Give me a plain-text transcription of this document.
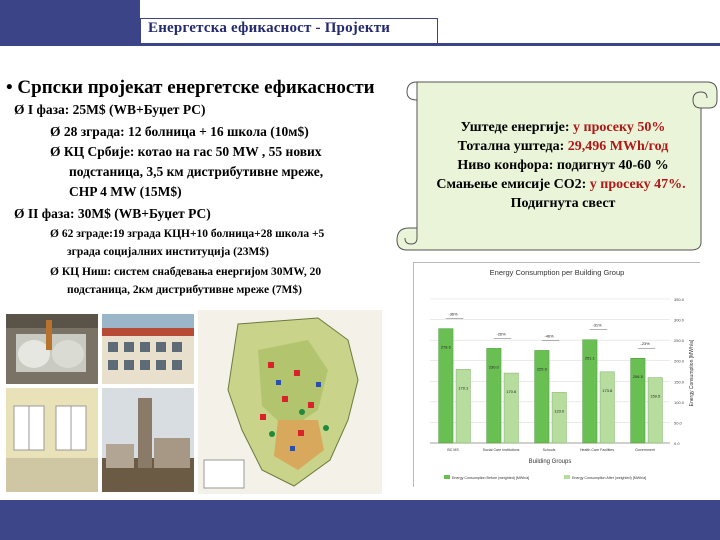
Енергетска ефикасност - Пројекти
• Српски пројекат енергетске ефикасности
Ø I фаза: 25M$ (WB+Буџет РС)
Ø 28 зграда: 12 болница + 16 школа (10м$)
Ø КЦ Србије: котао на гас 50 MW , 55 нових
подстаница, 3,5 км дистрибутивне мреже,
CHP 4 MW (15M$)
Ø II фаза: 30M$ (WB+Буџет РС)
Ø 62 зграде:19 зграда КЦН+10 болница+28 школа +5
зграда социјалних институција (23M$)
Ø КЦ Ниш: систем снабдевања енергијом 30MW, 20
подстаница, 2км дистрибутивне мреже (7M$)
Уштеде енергије: у просеку 50%
Тотална уштеда: 29,496 MWh/год
Ниво конфора: подигнут 40-60 %
Смањење емисије CO2: у просеку 47%.
Подигнута свест
Energy Consumption per Building Group
0.0
50.0
100.0
150.0
200.0
250.0
300.0
350.0
278.6
179.1
-36%
BC MS
230.0
170.6
-26%
Social Care Institutions
225.9
123.0
-46%
Schools
251.1
173.8
-31%
Health Care Facilities
206.5
159.5
-23%
Government
Building Groups
Energy Consumption [MWh/a]
Energy Consumption Before (weighted) [MWh/a]	Energy Consumption After (weighted) [MWh/a]
